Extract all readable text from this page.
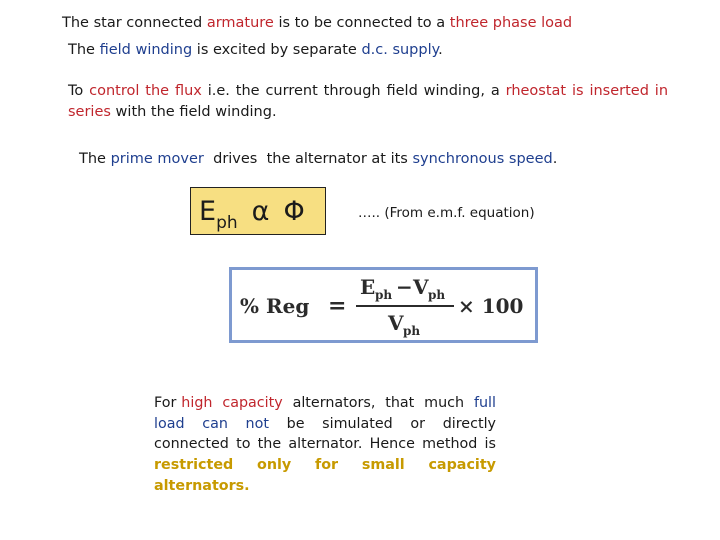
The star connected armature is to be connected to a three phase load
The field winding is excited by separate d.c. supply.
To control the flux i.e. the current through field winding, a rheostat is inserted in series with the field winding.
The prime mover  drives  the alternator at its synchronous speed.
$E_{ph}$ α Φ	….. (From e.m.f. equation)
% Reg =
E ph − V ph
V ph
× 100
For high  capacity  alternators,  that  much  full load  can  not  be  simulated  or  directly connected to the alternator. Hence method is restricted only for small capacity alternators.
